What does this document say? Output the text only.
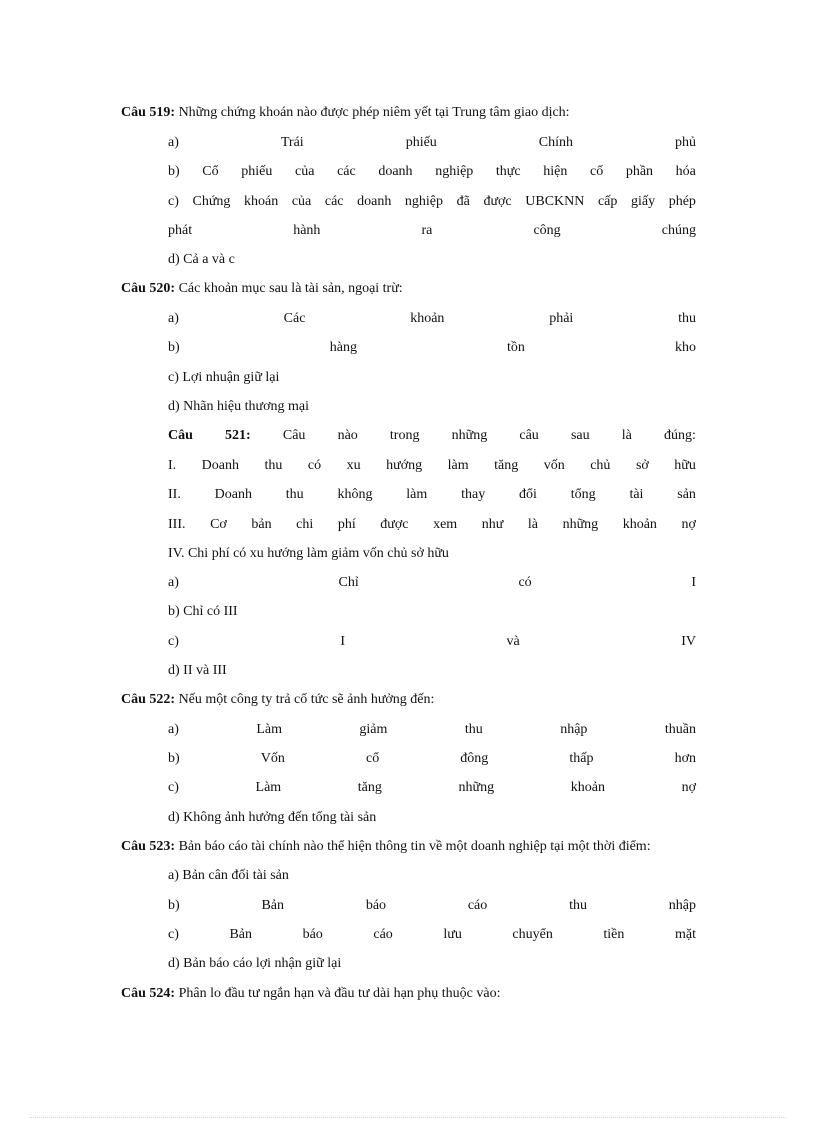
Câu 519: Những chứng khoán nào được phép niêm yết tại Trung tâm giao dịch:
a)	Trái	phiếu	Chính	phủ
b) Cổ phiếu của các doanh nghiệp thực hiện cổ phần hóa
c) Chứng khoán của các doanh nghiệp đã được UBCKNN cấp giấy phép
phát	hành	ra	công	chúng
d) Cả a và c
Câu 520: Các khoản mục sau là tài sản, ngoại trừ:
a)	Các	khoản	phải	thu
b)	hàng	tồn	kho
c) Lợi nhuận giữ lại
d) Nhãn hiệu thương mại
Câu 521: Câu nào trong những câu sau là đúng:
I. Doanh thu có xu hướng làm tăng vốn chủ sở hữu
II. Doanh thu không làm thay đổi tổng tài sản
III. Cơ bản chi phí được xem như là những khoản nợ
IV. Chi phí có xu hướng làm giảm vốn chủ sở hữu
a)	Chỉ	có	I
b) Chỉ có III
c)	I	và	IV
d) II và III
Câu 522: Nếu một công ty trả cổ tức sẽ ảnh hưởng đến:
a)	Làm	giảm	thu	nhập	thuần
b)	Vốn	cổ	đông	thấp	hơn
c)	Làm	tăng	những	khoản	nợ
d) Không ảnh hưởng đến tổng tài sản
Câu 523: Bản báo cáo tài chính nào thể hiện thông tin về một doanh nghiệp tại một thời điểm:
a) Bản cân đối tài sản
b)	Bản	báo	cáo	thu	nhập
c)	Bản	báo	cáo	lưu	chuyển	tiền	mặt
d) Bản báo cáo lợi nhận giữ lại
Câu 524: Phân lo đầu tư ngắn hạn và đầu tư dài hạn phụ thuộc vào:
